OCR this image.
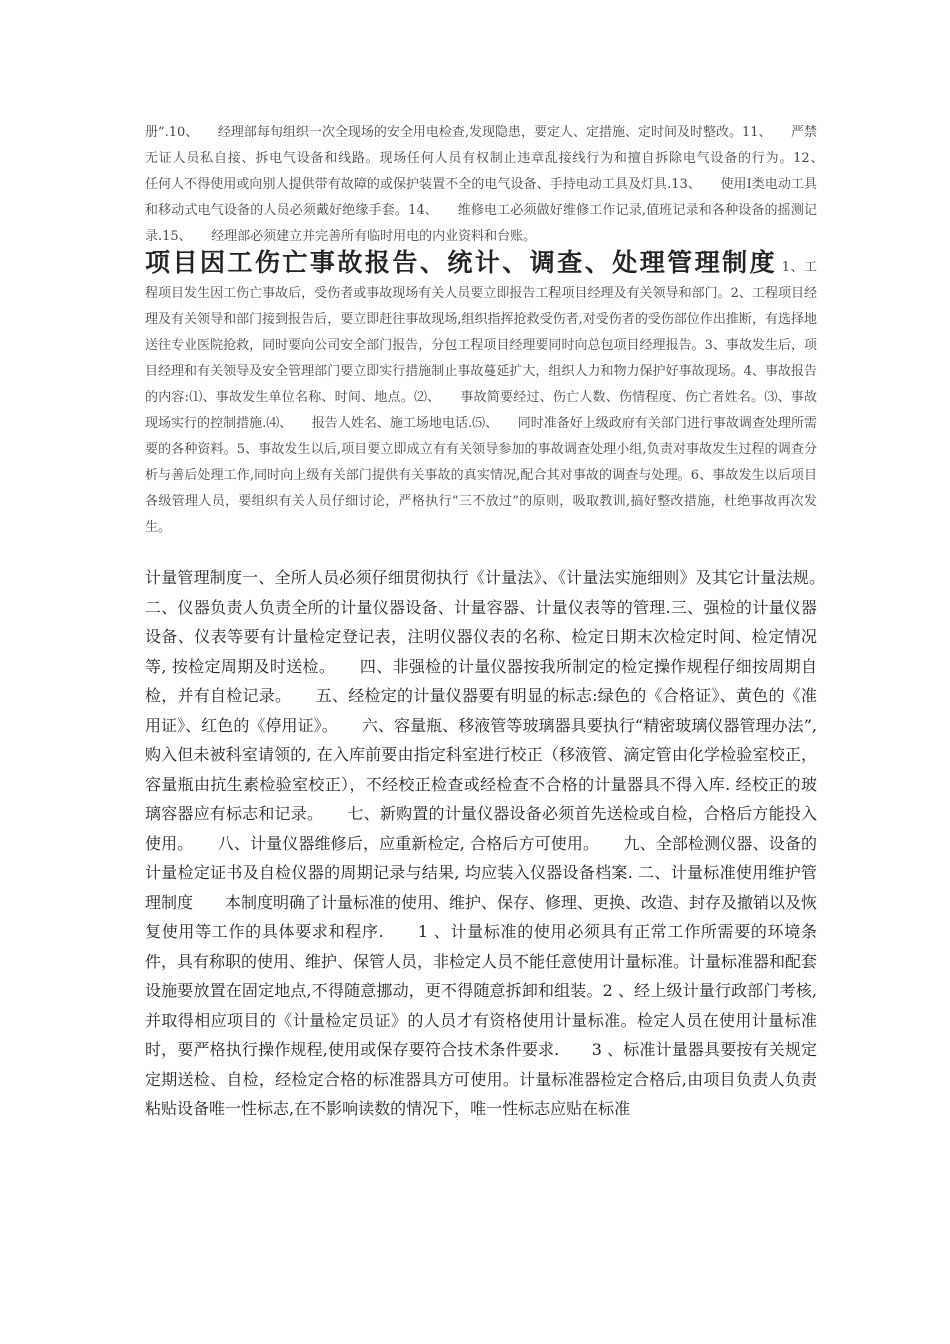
册”.10、　　经理部每旬组织一次全现场的安全用电检查,发现隐患，要定人、定措施、定时间及时整改。11、　　严禁无证人员私自接、拆电气设备和线路。现场任何人员有权制止违章乱接线行为和擅自拆除电气设备的行为。12、　　任何人不得使用或向别人提供带有故障的或保护装置不全的电气设备、手持电动工具及灯具.13、　　使用Ⅰ类电动工具和移动式电气设备的人员必须戴好绝缘手套。14、　　维修电工必须做好维修工作记录,值班记录和各种设备的摇测记录.15、　　经理部必须建立并完善所有临时用电的内业资料和台账。

项目因工伤亡事故报告、统计、调查、处理管理制度 1、工程项目发生因工伤亡事故后，受伤者或事故现场有关人员要立即报告工程项目经理及有关领导和部门。2、工程项目经理及有关领导和部门接到报告后，要立即赶往事故现场,组织指挥抢救受伤者,对受伤者的受伤部位作出推断，有选择地送往专业医院抢救，同时要向公司安全部门报告，分包工程项目经理要同时向总包项目经理报告。3、事故发生后，项目经理和有关领导及安全管理部门要立即实行措施制止事故蔓延扩大，组织人力和物力保护好事故现场。4、事故报告的内容:⑴、事故发生单位名称、时间、地点。⑵、　　事故简要经过、伤亡人数、伤情程度、伤亡者姓名。⑶、事故现场实行的控制措施.⑷、　　报告人姓名、施工场地电话.⑸、　　同时准备好上级政府有关部门进行事故调查处理所需要的各种资料。5、事故发生以后,项目要立即成立有有关领导参加的事故调查处理小组,负责对事故发生过程的调查分析与善后处理工作,同时向上级有关部门提供有关事故的真实情况,配合其对事故的调查与处理。6、事故发生以后项目各级管理人员，要组织有关人员仔细讨论，严格执行“三不放过”的原则，吸取教训,搞好整改措施，杜绝事故再次发生。

计量管理制度一、全所人员必须仔细贯彻执行《计量法》、《计量法实施细则》及其它计量法规。　　二、仪器负责人负责全所的计量仪器设备、计量容器、计量仪表等的管理.三、强检的计量仪器设备、仪表等要有计量检定登记表，注明仪器仪表的名称、检定日期末次检定时间、检定情况等, 按检定周期及时送检。　　四、非强检的计量仪器按我所制定的检定操作规程仔细按周期自检，并有自检记录。　　五、经检定的计量仪器要有明显的标志:绿色的《合格证》、黄色的《准用证》、红色的《停用证》。　　六、容量瓶、移液管等玻璃器具要执行“精密玻璃仪器管理办法”, 购入但未被科室请领的, 在入库前要由指定科室进行校正（移液管、滴定管由化学检验室校正，容量瓶由抗生素检验室校正），不经校正检查或经检查不合格的计量器具不得入库. 经校正的玻璃容器应有标志和记录。　　七、新购置的计量仪器设备必须首先送检或自检，合格后方能投入使用。　　八、计量仪器维修后，应重新检定, 合格后方可使用。　　九、全部检测仪器、设备的计量检定证书及自检仪器的周期记录与结果, 均应装入仪器设备档案. 二、计量标准使用维护管理制度　　本制度明确了计量标准的使用、维护、保存、修理、更换、改造、封存及撤销以及恢复使用等工作的具体要求和程序.　　1 、计量标准的使用必须具有正常工作所需要的环境条件，具有称职的使用、维护、保管人员，非检定人员不能任意使用计量标准。计量标准器和配套设施要放置在固定地点,不得随意挪动，更不得随意拆卸和组装。2 、经上级计量行政部门考核,并取得相应项目的《计量检定员证》的人员才有资格使用计量标准。检定人员在使用计量标准时，要严格执行操作规程,使用或保存要符合技术条件要求.　　3 、标准计量器具要按有关规定定期送检、自检，经检定合格的标准器具方可使用。计量标准器检定合格后,由项目负责人负责粘贴设备唯一性标志,在不影响读数的情况下，唯一性标志应贴在标准
